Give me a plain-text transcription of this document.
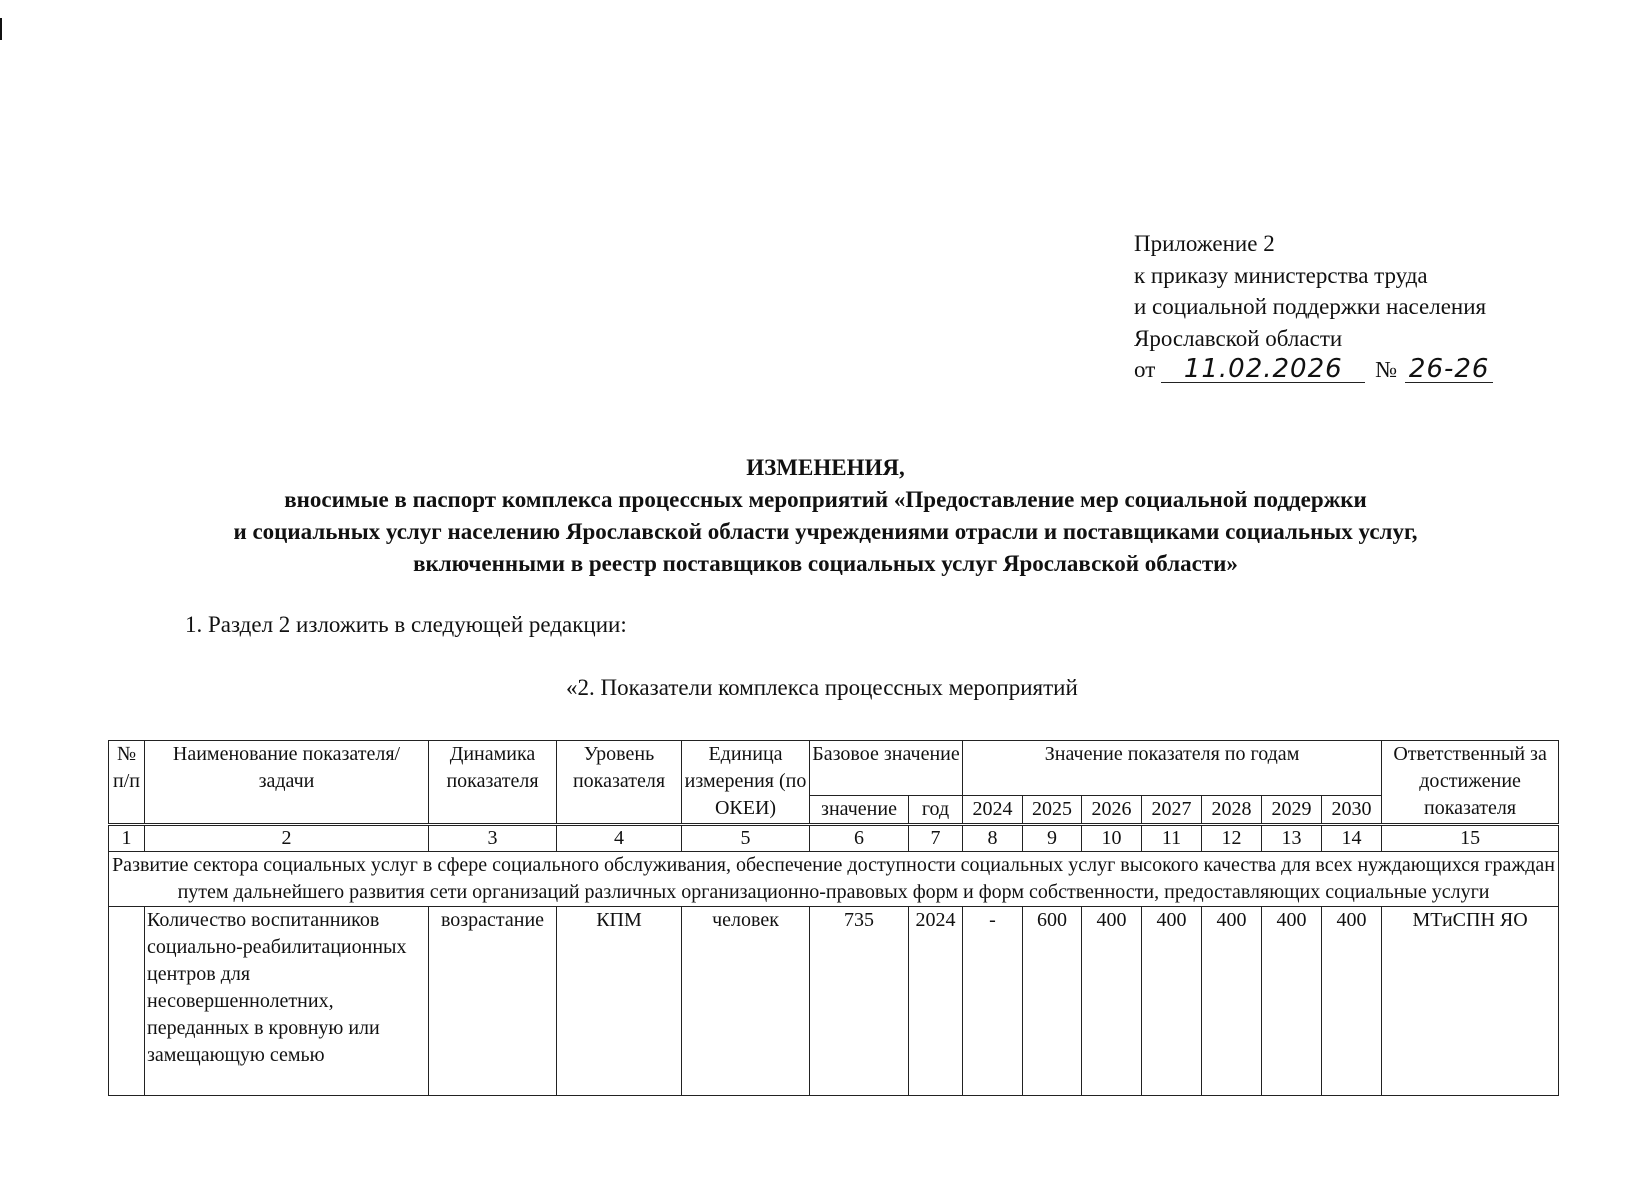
Приложение 2
к приказу министерства труда
и социальной поддержки населения
Ярославской области
от 11.02.2026 № 26-26
ИЗМЕНЕНИЯ,
вносимые в паспорт комплекса процессных мероприятий «Предоставление мер социальной поддержки
и социальных услуг населению Ярославской области учреждениями отрасли и поставщиками социальных услуг,
включенными в реестр поставщиков социальных услуг Ярославской области»
1. Раздел 2 изложить в следующей редакции:
«2. Показатели комплекса процессных мероприятий
№ п/п	Наименование показателя/задачи	Динамика показателя	Уровень показателя	Единица измерения (по ОКЕИ)	Базовое значение		Значение показателя по годам							Ответственный за достижение показателя

					значение	год	2024	2025	2026	2027	2028	2029	2030	
1	2	3	4	5	6	7	8	9	10	11	12	13	14	15
Развитие сектора социальных услуг в сфере социального обслуживания, обеспечение доступности социальных услуг высокого качества для всех нуждающихся граждан путем дальнейшего развития сети организаций различных организационно-правовых форм и форм собственности, предоставляющих социальные услуги														
	Количество воспитанников социально-реабилитационных центров для несовершеннолетних, переданных в кровную или замещающую семью	возрастание	КПМ	человек	735	2024	-	600	400	400	400	400	400	МТиСПН ЯО
